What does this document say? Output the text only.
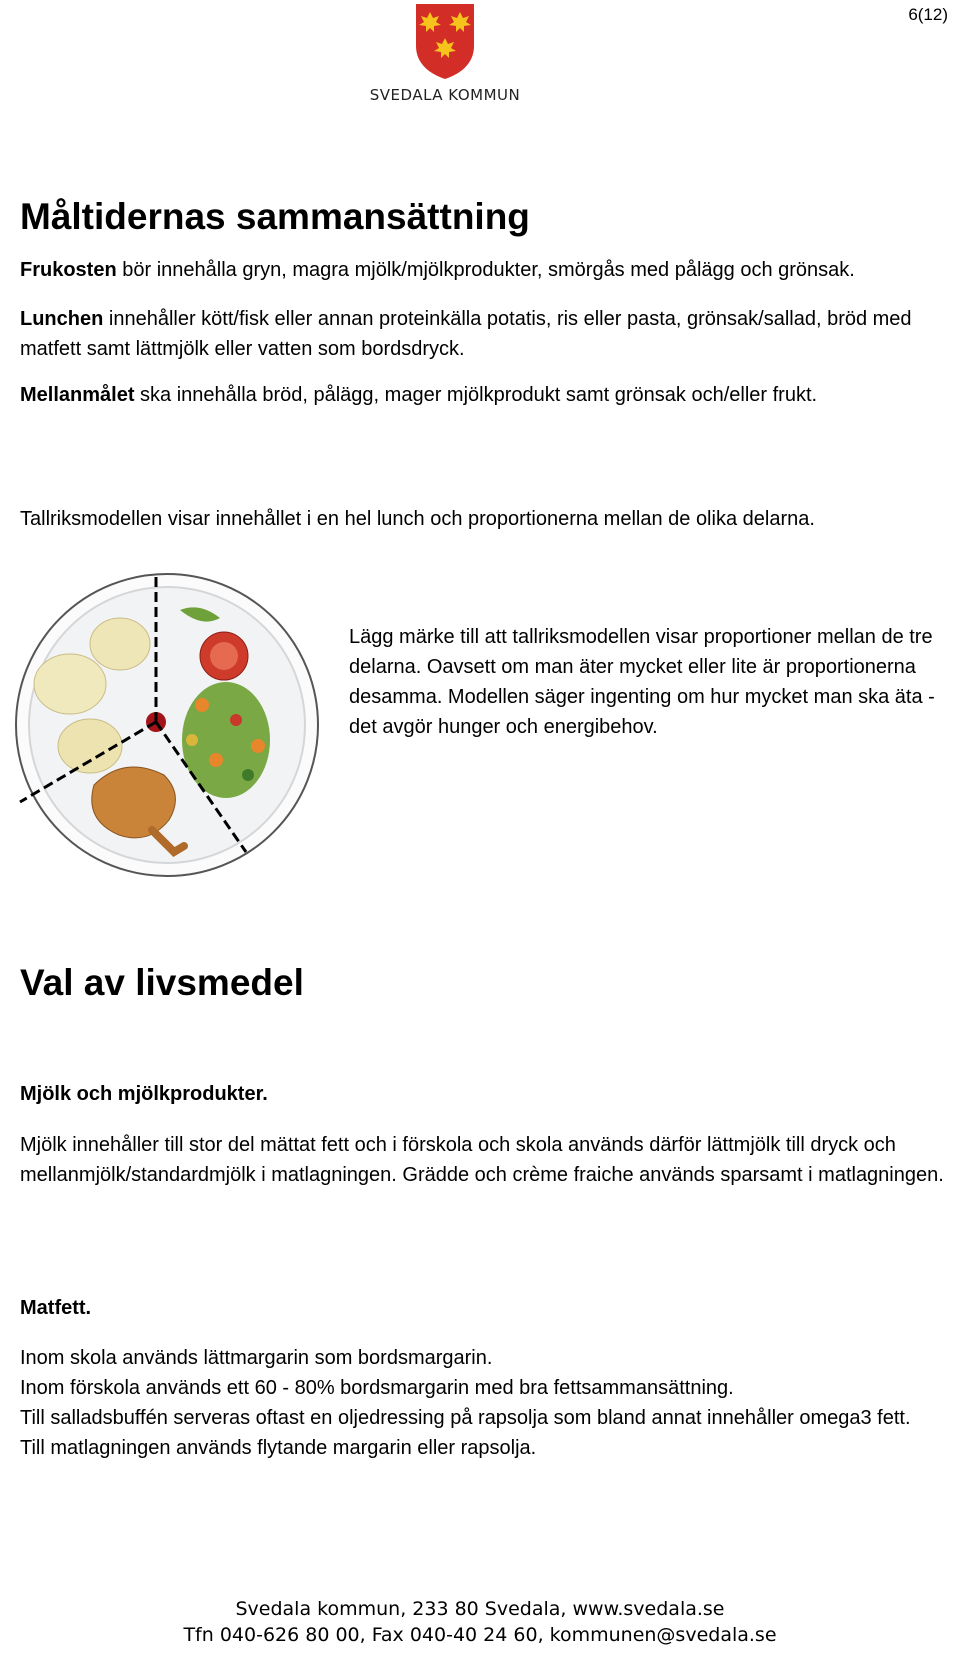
6(12)
SVEDALA KOMMUN
Måltidernas sammansättning

Frukosten bör innehålla gryn, magra mjölk/mjölkprodukter, smörgås med pålägg och grönsak.

Lunchen innehåller kött/fisk eller annan proteinkälla potatis, ris eller pasta, grönsak/sallad, bröd med matfett samt lättmjölk eller vatten som bordsdryck.

Mellanmålet ska innehålla bröd, pålägg, mager mjölkprodukt samt grönsak och/eller frukt.

Tallriksmodellen visar innehållet i en hel lunch och proportionerna mellan de olika delarna.

Lägg märke till att tallriksmodellen visar proportioner mellan de tre delarna. Oavsett om man äter mycket eller lite är proportionerna desamma. Modellen säger ingenting om hur mycket man ska äta - det avgör hunger och energibehov.

Val av livsmedel
Mjölk och mjölkprodukter.

Mjölk innehåller till stor del mättat fett och i förskola och skola används därför lättmjölk till dryck och mellanmjölk/standardmjölk i matlagningen. Grädde och crème fraiche används sparsamt i matlagningen.

Matfett.
Inom skola används lättmargarin som bordsmargarin.
Inom förskola används ett 60 - 80% bordsmargarin med bra fettsammansättning.
Till salladsbuffén serveras oftast en oljedressing på rapsolja som bland annat innehåller omega3 fett.
Till matlagningen används flytande margarin eller rapsolja.
Svedala kommun, 233 80 Svedala, www.svedala.se
Tfn 040-626 80 00, Fax 040-40 24 60, kommunen@svedala.se
